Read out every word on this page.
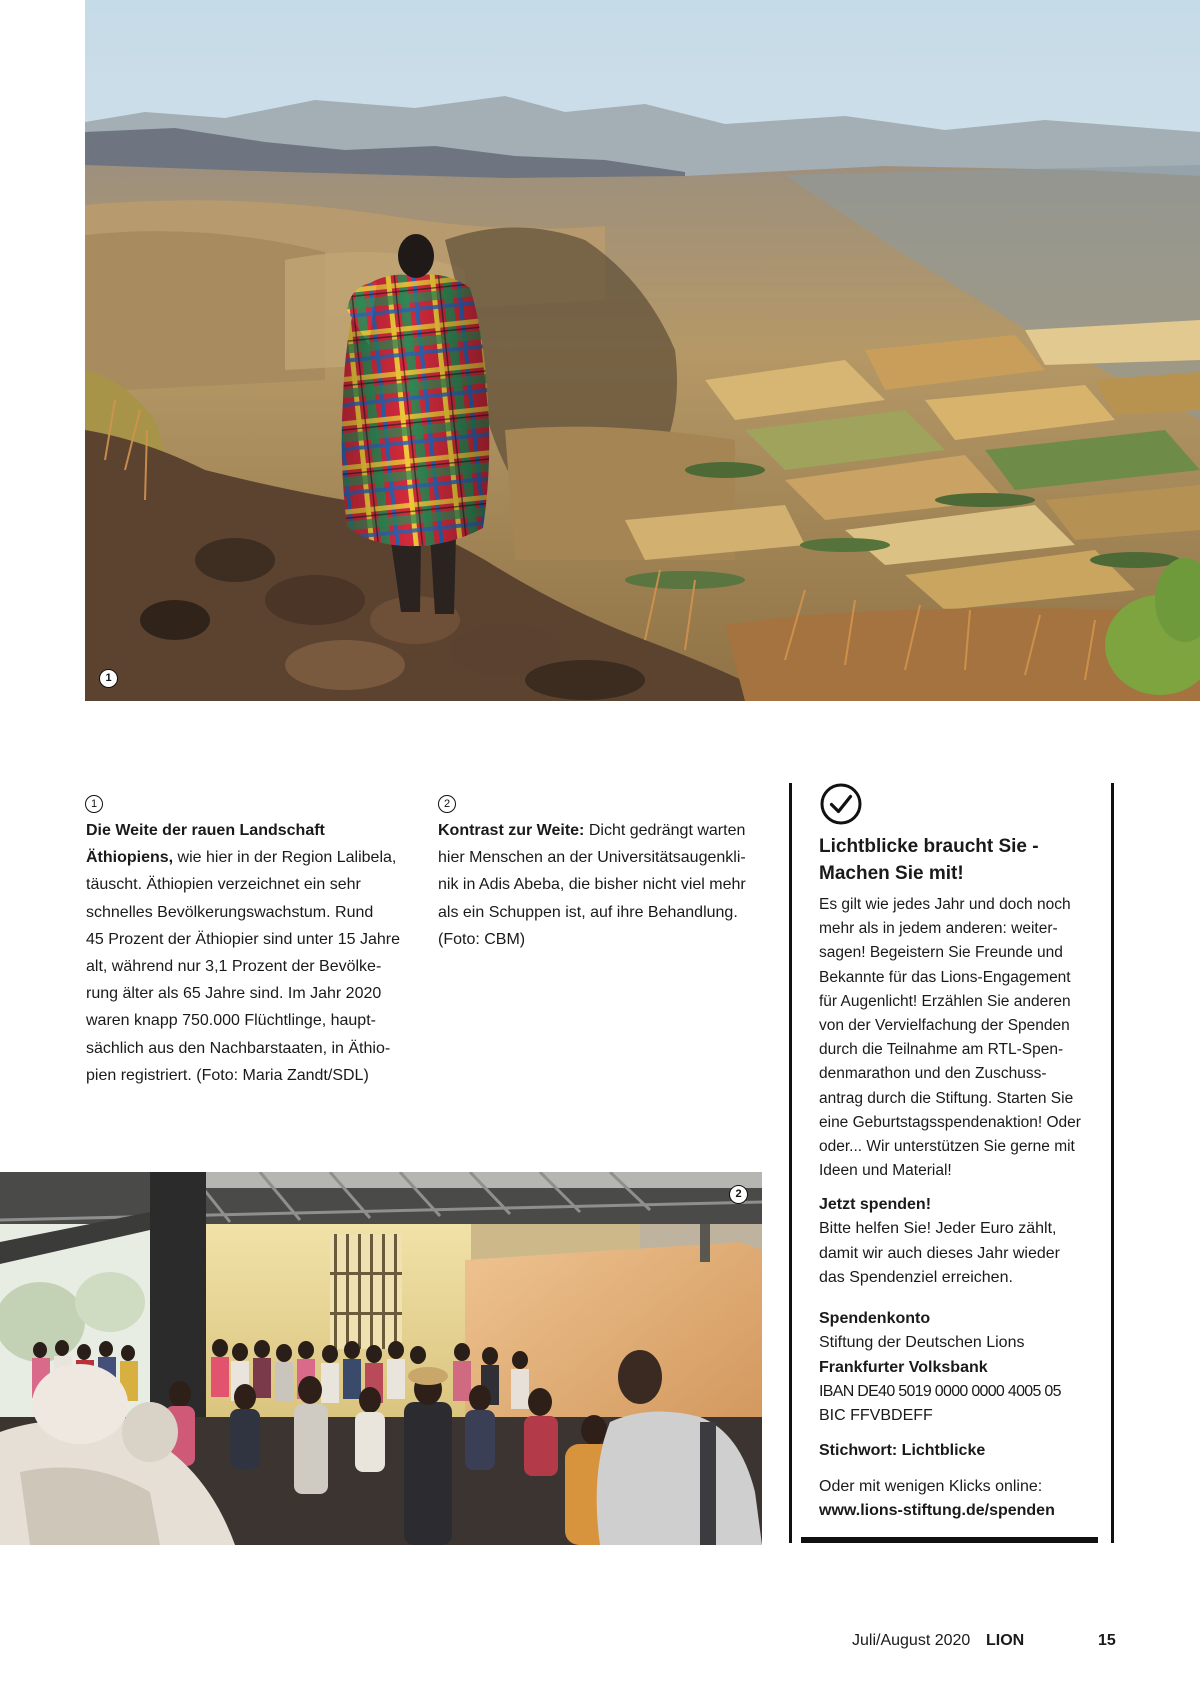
1
1
Die Weite der rauen Landschaft
Äthiopiens, wie hier in der Region Lalibela,
täuscht. Äthiopien verzeichnet ein sehr
schnelles Bevölkerungswachstum. Rund
45 Prozent der Äthiopier sind unter 15 Jahre
alt, während nur 3,1 Prozent der Bevölke-
rung älter als 65 Jahre sind. Im Jahr 2020
waren knapp 750.000 Flüchtlinge, haupt-
sächlich aus den Nachbarstaaten, in Äthio-
pien registriert. (Foto: Maria Zandt/SDL)
2
Kontrast zur Weite: Dicht gedrängt warten
hier Menschen an der Universitätsaugenkli-
nik in Adis Abeba, die bisher nicht viel mehr
als ein Schuppen ist, auf ihre Behandlung.
(Foto: CBM)
2
Lichtblicke braucht Sie -
Machen Sie mit!
Es gilt wie jedes Jahr und doch noch
mehr als in jedem anderen: weiter-
sagen! Begeistern Sie Freunde und
Bekannte für das Lions-Engagement
für Augenlicht! Erzählen Sie anderen
von der Vervielfachung der Spenden
durch die Teilnahme am RTL-Spen-
denmarathon und den Zuschuss-
antrag durch die Stiftung. Starten Sie
eine Geburtstagsspendenaktion! Oder
oder... Wir unterstützen Sie gerne mit
Ideen und Material!
Jetzt spenden!
Bitte helfen Sie! Jeder Euro zählt,
damit wir auch dieses Jahr wieder
das Spendenziel erreichen.
Spendenkonto
Stiftung der Deutschen Lions
Frankfurter Volksbank
IBAN DE40 5019 0000 0000 4005 05
BIC FFVBDEFF
Stichwort: Lichtblicke
Oder mit wenigen Klicks online:
www.lions-stiftung.de/spenden
Juli/August 2020 LION	15
